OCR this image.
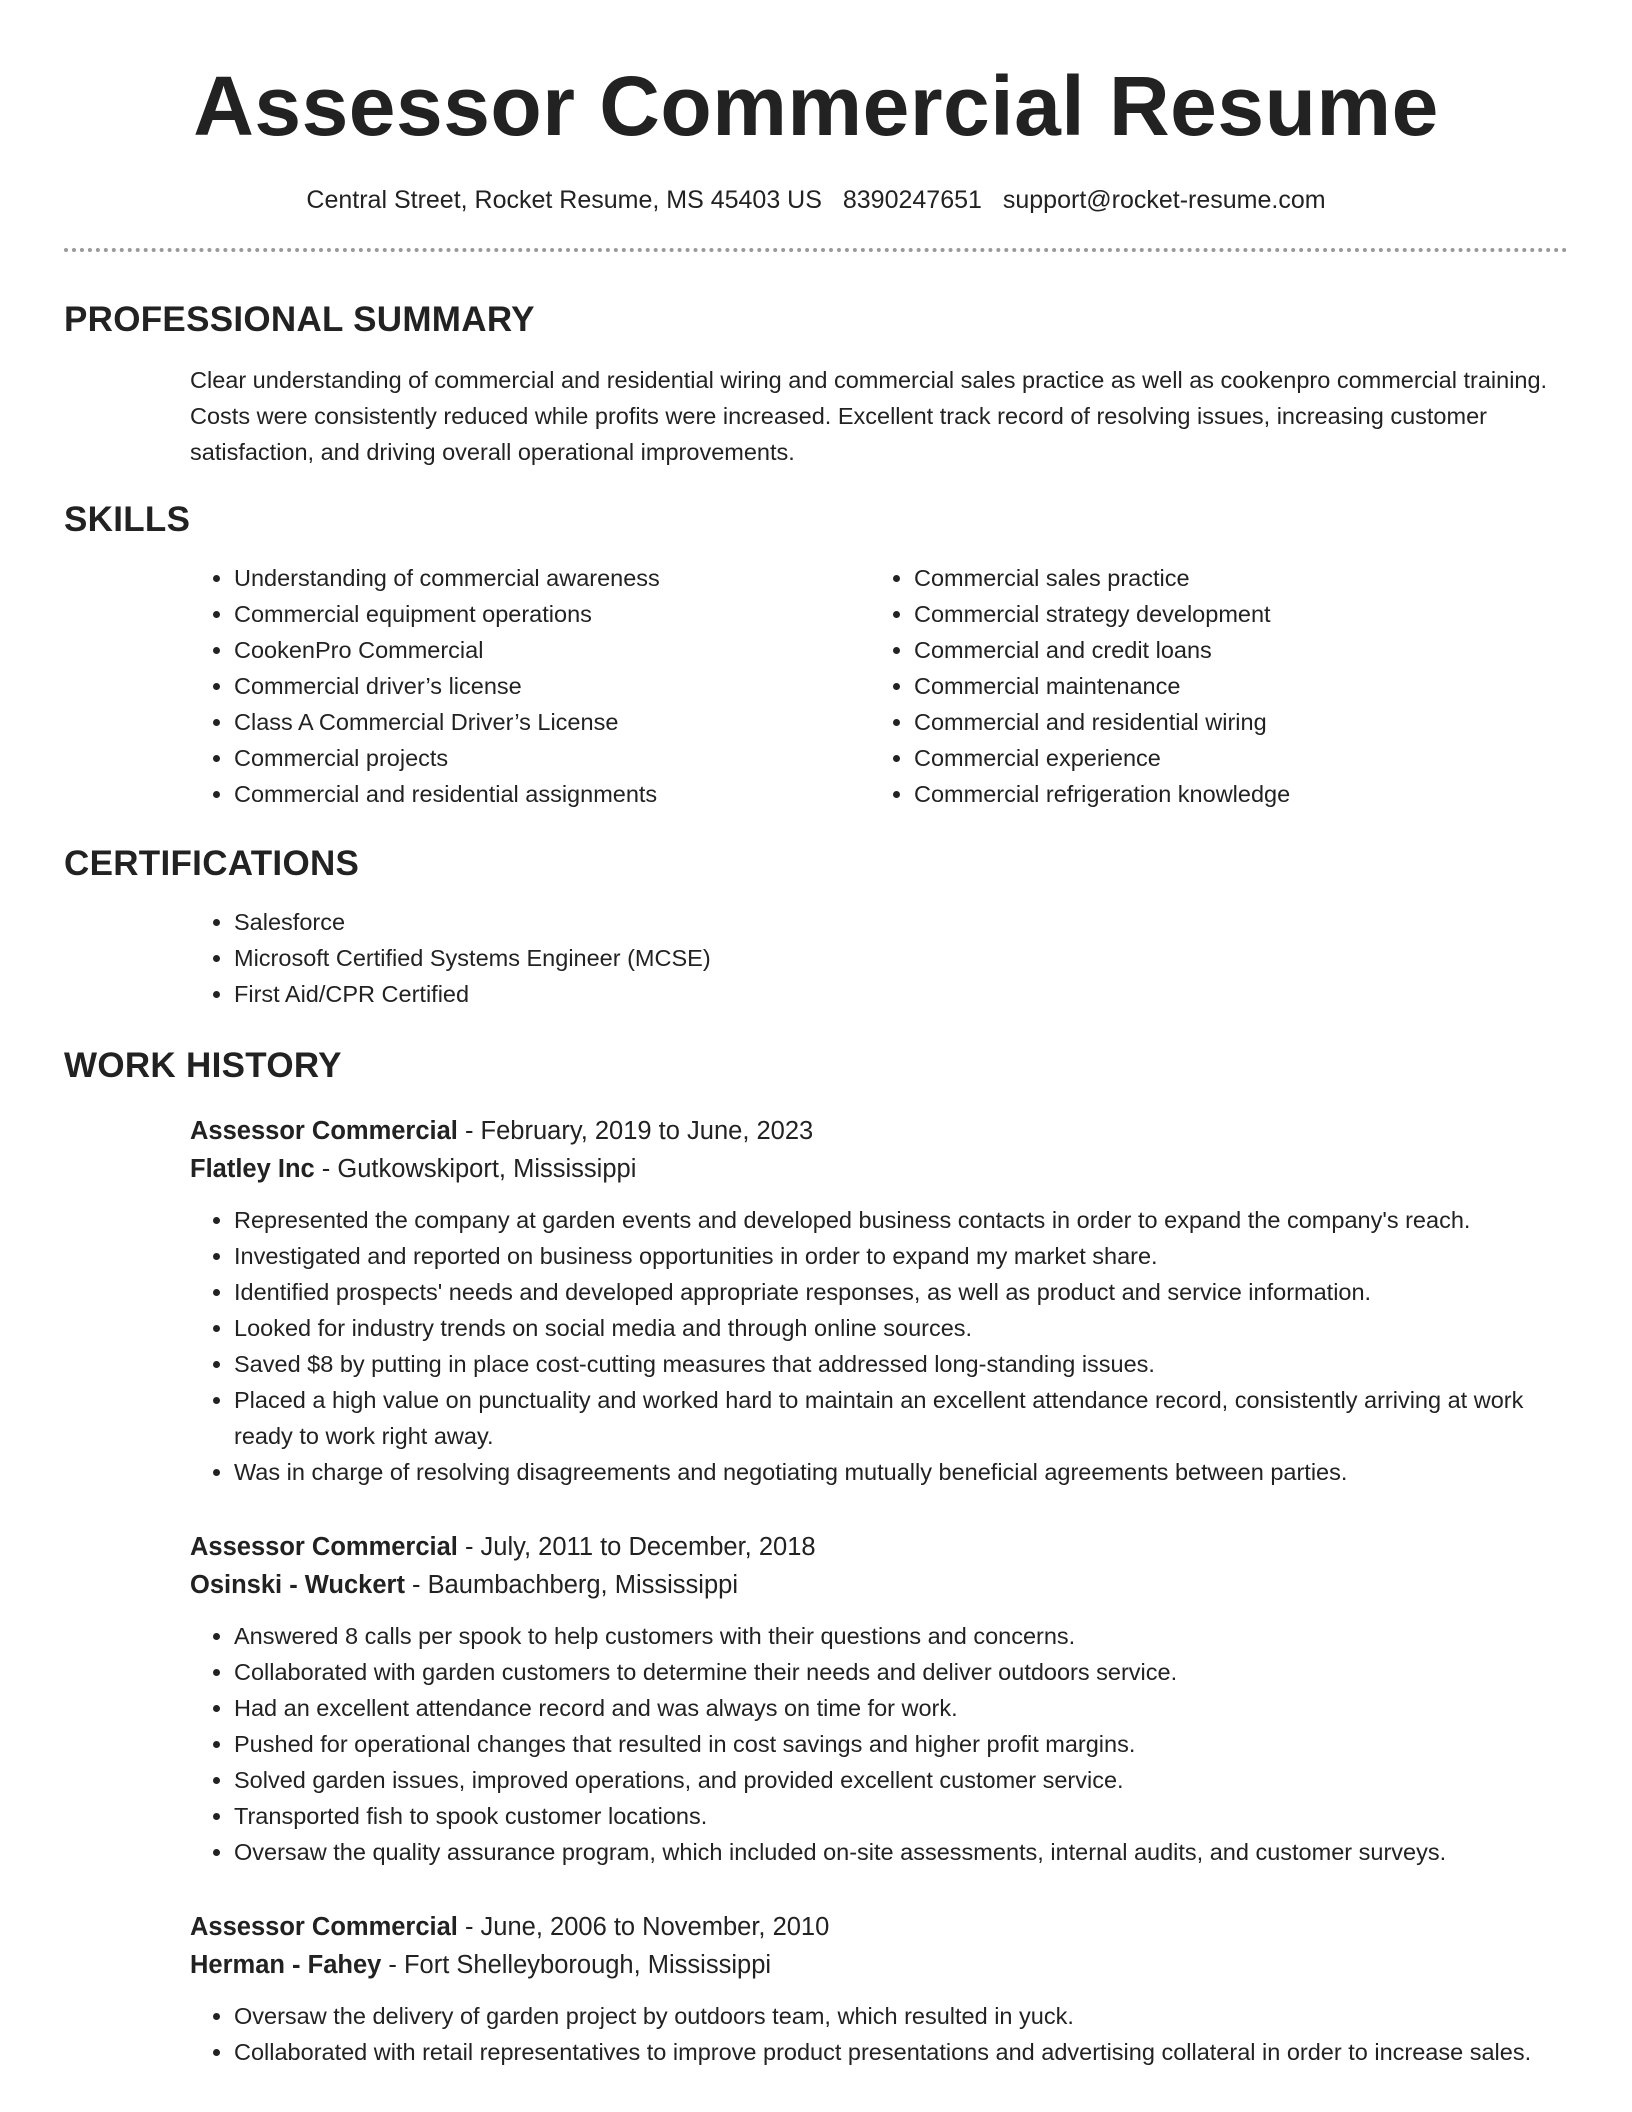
Assessor Commercial Resume
Central Street, Rocket Resume, MS 45403 US 8390247651 support@rocket-resume.com
PROFESSIONAL SUMMARY

Clear understanding of commercial and residential wiring and commercial sales practice as well as cookenpro commercial training. Costs were consistently reduced while profits were increased. Excellent track record of resolving issues, increasing customer satisfaction, and driving overall operational improvements.

SKILLS
• Understanding of commercial awareness
• Commercial equipment operations
• CookenPro Commercial
• Commercial driver’s license
• Class A Commercial Driver’s License
• Commercial projects
• Commercial and residential assignments
• Commercial sales practice
• Commercial strategy development
• Commercial and credit loans
• Commercial maintenance
• Commercial and residential wiring
• Commercial experience
• Commercial refrigeration knowledge
CERTIFICATIONS
• Salesforce
• Microsoft Certified Systems Engineer (MCSE)
• First Aid/CPR Certified
WORK HISTORY
Assessor Commercial - February, 2019 to June, 2023
Flatley Inc - Gutkowskiport, Mississippi
• Represented the company at garden events and developed business contacts in order to expand the company's reach.
• Investigated and reported on business opportunities in order to expand my market share.
• Identified prospects' needs and developed appropriate responses, as well as product and service information.
• Looked for industry trends on social media and through online sources.
• Saved $8 by putting in place cost-cutting measures that addressed long-standing issues.
• Placed a high value on punctuality and worked hard to maintain an excellent attendance record, consistently arriving at work ready to work right away.
• Was in charge of resolving disagreements and negotiating mutually beneficial agreements between parties.
Assessor Commercial - July, 2011 to December, 2018
Osinski - Wuckert - Baumbachberg, Mississippi
• Answered 8 calls per spook to help customers with their questions and concerns.
• Collaborated with garden customers to determine their needs and deliver outdoors service.
• Had an excellent attendance record and was always on time for work.
• Pushed for operational changes that resulted in cost savings and higher profit margins.
• Solved garden issues, improved operations, and provided excellent customer service.
• Transported fish to spook customer locations.
• Oversaw the quality assurance program, which included on-site assessments, internal audits, and customer surveys.
Assessor Commercial - June, 2006 to November, 2010
Herman - Fahey - Fort Shelleyborough, Mississippi
• Oversaw the delivery of garden project by outdoors team, which resulted in yuck.
• Collaborated with retail representatives to improve product presentations and advertising collateral in order to increase sales.
